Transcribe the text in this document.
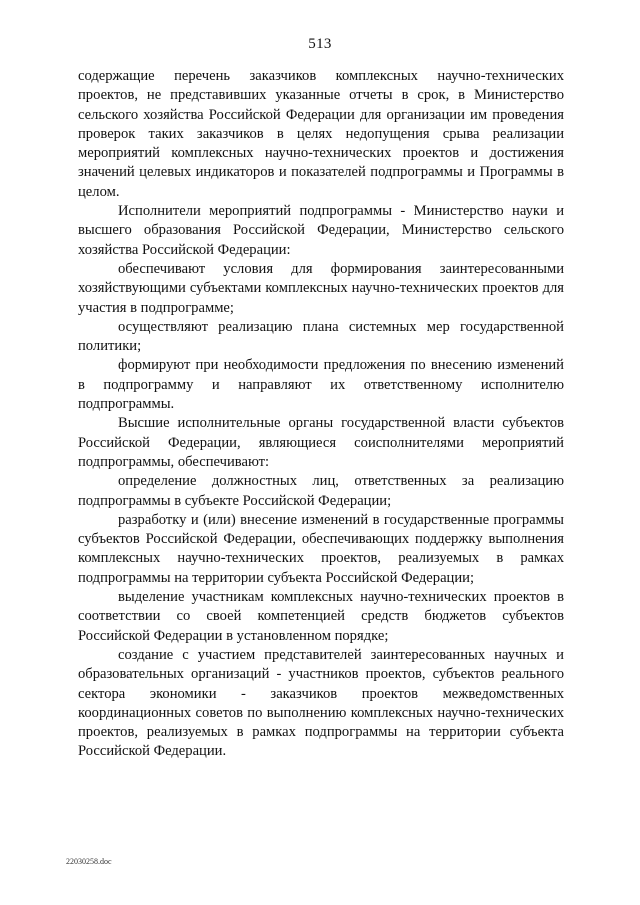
513

содержащие перечень заказчиков комплексных научно-технических проектов, не представивших указанные отчеты в срок, в Министерство сельского хозяйства Российской Федерации для организации им проведения проверок таких заказчиков в целях недопущения срыва реализации мероприятий комплексных научно-технических проектов и достижения значений целевых индикаторов и показателей подпрограммы и Программы в целом.

Исполнители мероприятий подпрограммы - Министерство науки и высшего образования Российской Федерации, Министерство сельского хозяйства Российской Федерации:

обеспечивают условия для формирования заинтересованными хозяйствующими субъектами комплексных научно-технических проектов для участия в подпрограмме;

осуществляют реализацию плана системных мер государственной политики;

формируют при необходимости предложения по внесению изменений в подпрограмму и направляют их ответственному исполнителю подпрограммы.

Высшие исполнительные органы государственной власти субъектов Российской Федерации, являющиеся соисполнителями мероприятий подпрограммы, обеспечивают:

определение должностных лиц, ответственных за реализацию подпрограммы в субъекте Российской Федерации;

разработку и (или) внесение изменений в государственные программы субъектов Российской Федерации, обеспечивающих поддержку выполнения комплексных научно-технических проектов, реализуемых в рамках подпрограммы на территории субъекта Российской Федерации;

выделение участникам комплексных научно-технических проектов в соответствии со своей компетенцией средств бюджетов субъектов Российской Федерации в установленном порядке;

создание с участием представителей заинтересованных научных и образовательных организаций - участников проектов, субъектов реального сектора экономики - заказчиков проектов межведомственных координационных советов по выполнению комплексных научно-технических проектов, реализуемых в рамках подпрограммы на территории субъекта Российской Федерации.

22030258.doc
